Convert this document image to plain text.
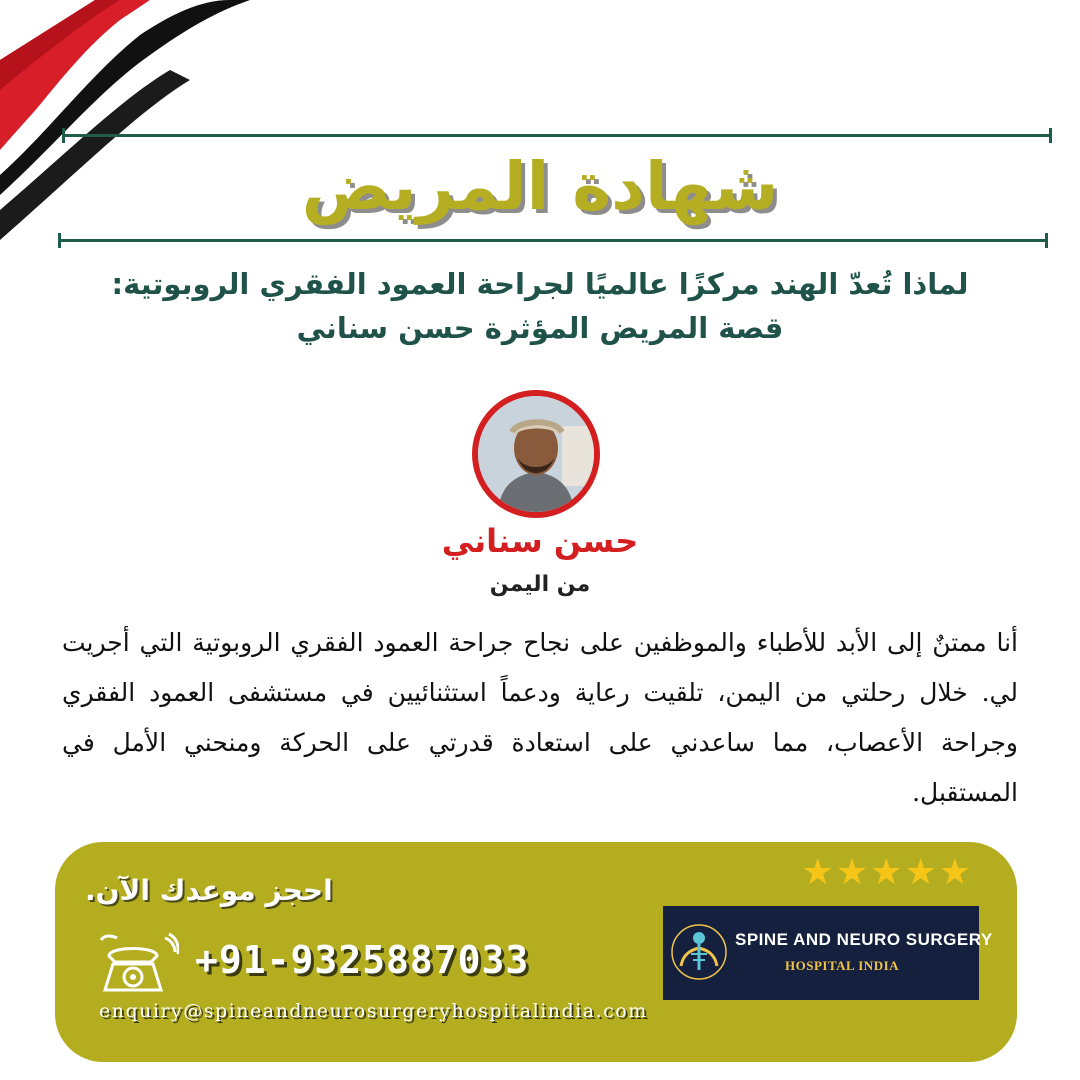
شهادة المريض
لماذا تُعدّ الهند مركزًا عالميًا لجراحة العمود الفقري الروبوتية:
قصة المريض المؤثرة حسن سناني
حسن سناني
من اليمن
أنا ممتنٌ إلى الأبد للأطباء والموظفين على نجاح جراحة العمود الفقري الروبوتية التي أجريت لي. خلال رحلتي من اليمن، تلقيت رعاية ودعماً استثنائيين في مستشفى العمود الفقري وجراحة الأعصاب، مما ساعدني على استعادة قدرتي على الحركة ومنحني الأمل في المستقبل.
★★★★★
احجز موعدك الآن.
+91-9325887033
enquiry@spineandneurosurgeryhospitalindia.com
SPINE AND NEURO SURGERY
HOSPITAL INDIA
